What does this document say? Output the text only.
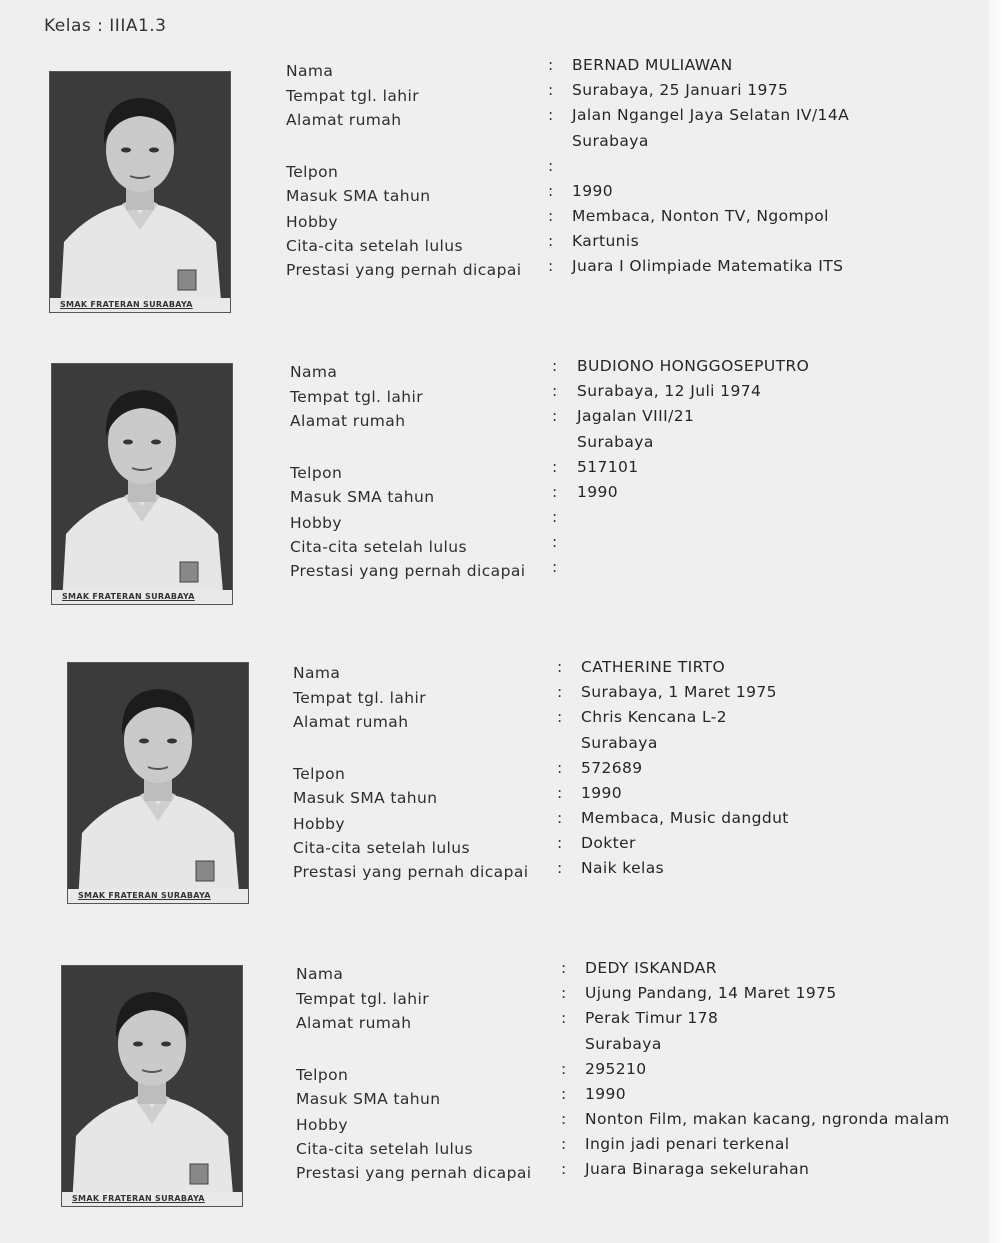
Kelas : IIIA1.3
SMAK FRATERAN SURABAYA
Nama
Tempat tgl. lahir
Alamat rumah
Telpon
Masuk SMA tahun
Hobby
Cita-cita setelah lulus
Prestasi yang pernah dicapai
:
:
:
:
:
:
:
:
BERNAD MULIAWAN
Surabaya, 25 Januari 1975
Jalan Ngangel Jaya Selatan IV/14A
Surabaya
1990
Membaca, Nonton TV, Ngompol
Kartunis
Juara I Olimpiade Matematika ITS
SMAK FRATERAN SURABAYA
Nama
Tempat tgl. lahir
Alamat rumah
Telpon
Masuk SMA tahun
Hobby
Cita-cita setelah lulus
Prestasi yang pernah dicapai
:
:
:
:
:
:
:
:
BUDIONO HONGGOSEPUTRO
Surabaya, 12 Juli 1974
Jagalan VIII/21
Surabaya
517101
1990
SMAK FRATERAN SURABAYA
Nama
Tempat tgl. lahir
Alamat rumah
Telpon
Masuk SMA tahun
Hobby
Cita-cita setelah lulus
Prestasi yang pernah dicapai
:
:
:
:
:
:
:
:
CATHERINE TIRTO
Surabaya, 1 Maret 1975
Chris Kencana L-2
Surabaya
572689
1990
Membaca, Music dangdut
Dokter
Naik kelas
SMAK FRATERAN SURABAYA
Nama
Tempat tgl. lahir
Alamat rumah
Telpon
Masuk SMA tahun
Hobby
Cita-cita setelah lulus
Prestasi yang pernah dicapai
:
:
:
:
:
:
:
:
DEDY ISKANDAR
Ujung Pandang, 14 Maret 1975
Perak Timur 178
Surabaya
295210
1990
Nonton Film, makan kacang, ngronda malam
Ingin jadi penari terkenal
Juara Binaraga sekelurahan
